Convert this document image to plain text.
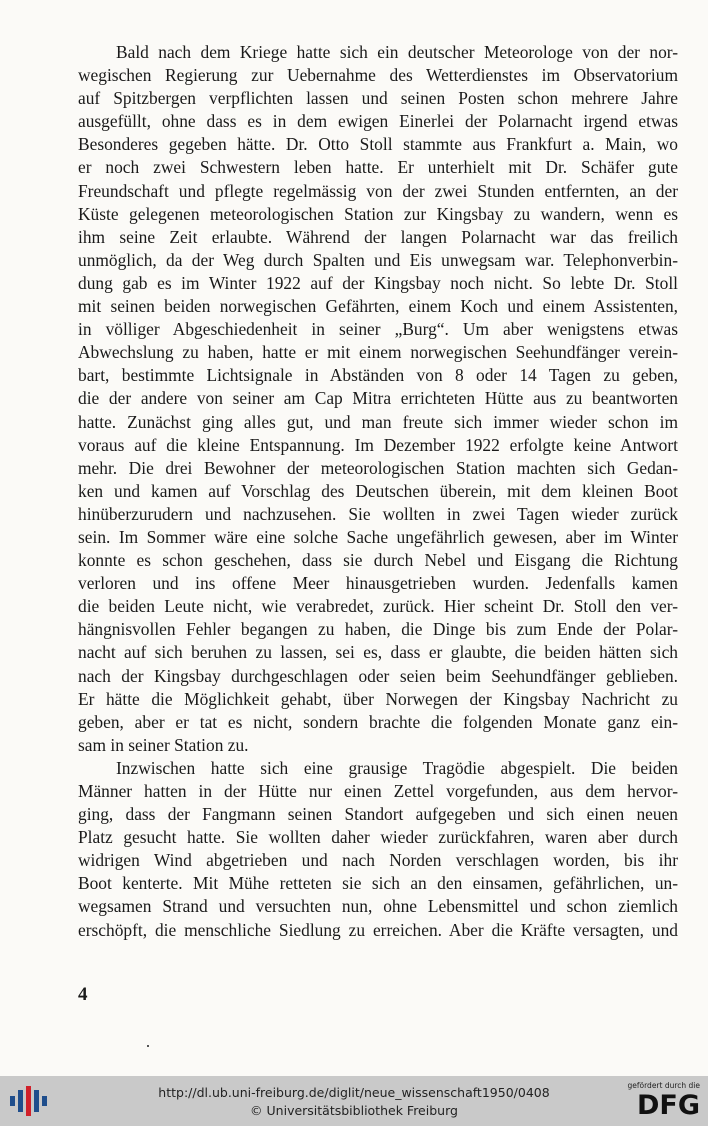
Bald nach dem Kriege hatte sich ein deutscher Meteorologe von der nor-
wegischen Regierung zur Uebernahme des Wetterdienstes im Observatorium
auf Spitzbergen verpflichten lassen und seinen Posten schon mehrere Jahre
ausgefüllt, ohne dass es in dem ewigen Einerlei der Polarnacht irgend etwas
Besonderes gegeben hätte. Dr. Otto Stoll stammte aus Frankfurt a. Main, wo
er noch zwei Schwestern leben hatte. Er unterhielt mit Dr. Schäfer gute
Freundschaft und pflegte regelmässig von der zwei Stunden entfernten, an der
Küste gelegenen meteorologischen Station zur Kingsbay zu wandern, wenn es
ihm seine Zeit erlaubte. Während der langen Polarnacht war das freilich
unmöglich, da der Weg durch Spalten und Eis unwegsam war. Telephonverbin-
dung gab es im Winter 1922 auf der Kingsbay noch nicht. So lebte Dr. Stoll
mit seinen beiden norwegischen Gefährten, einem Koch und einem Assistenten,
in völliger Abgeschiedenheit in seiner „Burg“. Um aber wenigstens etwas
Abwechslung zu haben, hatte er mit einem norwegischen Seehundfänger verein-
bart, bestimmte Lichtsignale in Abständen von 8 oder 14 Tagen zu geben,
die der andere von seiner am Cap Mitra errichteten Hütte aus zu beantworten
hatte. Zunächst ging alles gut, und man freute sich immer wieder schon im
voraus auf die kleine Entspannung. Im Dezember 1922 erfolgte keine Antwort
mehr. Die drei Bewohner der meteorologischen Station machten sich Gedan-
ken und kamen auf Vorschlag des Deutschen überein, mit dem kleinen Boot
hinüberzurudern und nachzusehen. Sie wollten in zwei Tagen wieder zurück
sein. Im Sommer wäre eine solche Sache ungefährlich gewesen, aber im Winter
konnte es schon geschehen, dass sie durch Nebel und Eisgang die Richtung
verloren und ins offene Meer hinausgetrieben wurden. Jedenfalls kamen
die beiden Leute nicht, wie verabredet, zurück. Hier scheint Dr. Stoll den ver-
hängnisvollen Fehler begangen zu haben, die Dinge bis zum Ende der Polar-
nacht auf sich beruhen zu lassen, sei es, dass er glaubte, die beiden hätten sich
nach der Kingsbay durchgeschlagen oder seien beim Seehundfänger geblieben.
Er hätte die Möglichkeit gehabt, über Norwegen der Kingsbay Nachricht zu
geben, aber er tat es nicht, sondern brachte die folgenden Monate ganz ein-
sam in seiner Station zu.
Inzwischen hatte sich eine grausige Tragödie abgespielt. Die beiden
Männer hatten in der Hütte nur einen Zettel vorgefunden, aus dem hervor-
ging, dass der Fangmann seinen Standort aufgegeben und sich einen neuen
Platz gesucht hatte. Sie wollten daher wieder zurückfahren, waren aber durch
widrigen Wind abgetrieben und nach Norden verschlagen worden, bis ihr
Boot kenterte. Mit Mühe retteten sie sich an den einsamen, gefährlichen, un-
wegsamen Strand und versuchten nun, ohne Lebensmittel und schon ziemlich
erschöpft, die menschliche Siedlung zu erreichen. Aber die Kräfte versagten, und
4
http://dl.ub.uni-freiburg.de/diglit/neue_wissenschaft1950/0408
© Universitätsbibliothek Freiburg
gefördert durch die
DFG
